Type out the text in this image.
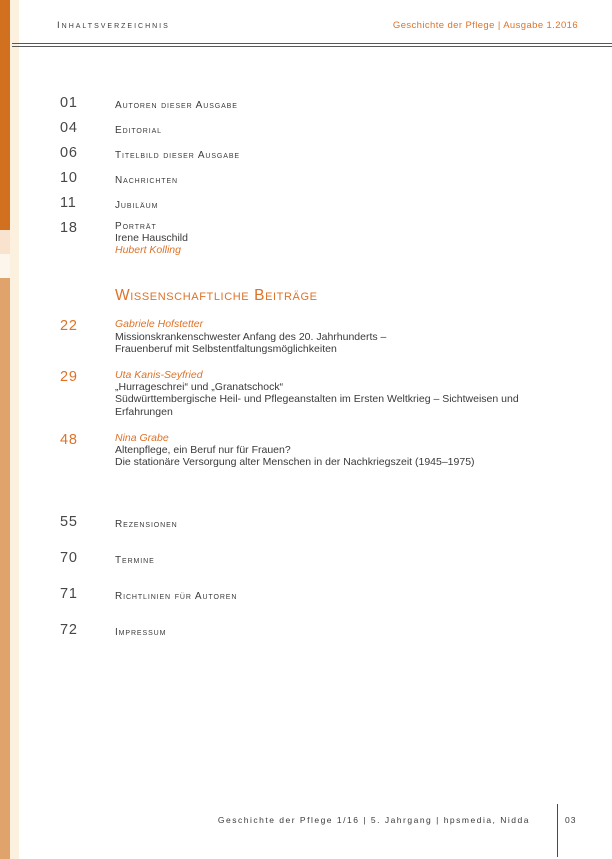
Inhaltsverzeichnis	Geschichte der Pflege | Ausgabe 1.2016
01	Autoren dieser Ausgabe
04	Editorial
06	Titelbild dieser Ausgabe
10	Nachrichten
11	Jubiläum
18	Porträt
Irene Hauschild
Hubert Kolling
Wissenschaftliche Beiträge
22	Gabriele Hofstetter
Missionskrankenschwester Anfang des 20. Jahrhunderts –
Frauenberuf mit Selbstentfaltungsmöglichkeiten
29	Uta Kanis-Seyfried
„Hurrageschrei“ und „Granatschock“
Südwürttembergische Heil- und Pflegeanstalten im Ersten Weltkrieg – Sichtweisen und
Erfahrungen
48	Nina Grabe
Altenpflege, ein Beruf nur für Frauen?
Die stationäre Versorgung alter Menschen in der Nachkriegszeit (1945–1975)
55	Rezensionen
70	Termine
71	Richtlinien für Autoren
72	Impressum
Geschichte der Pflege 1/16 | 5. Jahrgang | hpsmedia, Nidda	03
